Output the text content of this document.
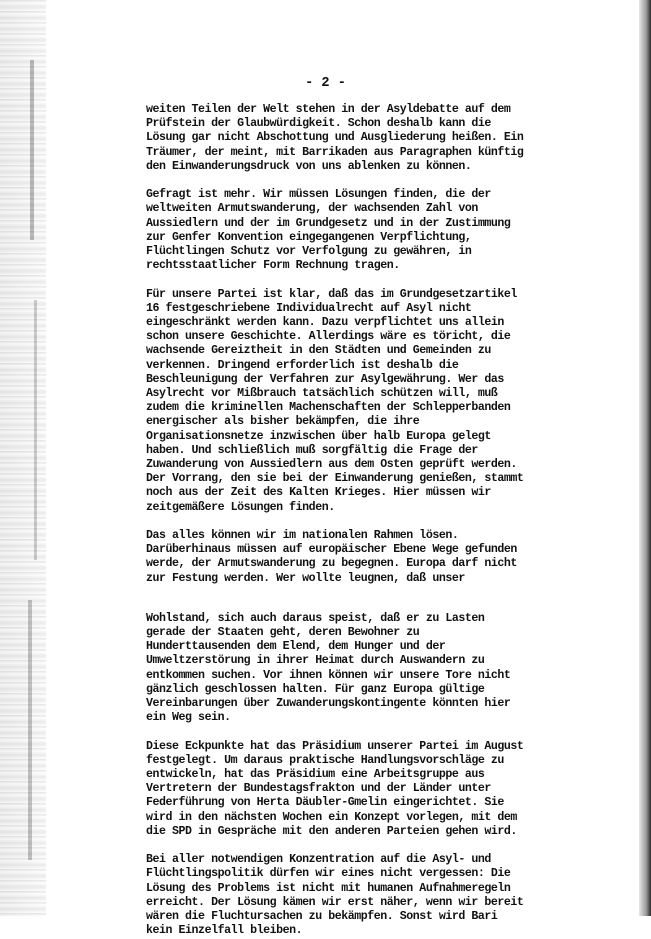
- 2 -
weiten Teilen der Welt stehen in der Asyldebatte auf dem
Prüfstein der Glaubwürdigkeit. Schon deshalb kann die
Lösung gar nicht Abschottung und Ausgliederung heißen. Ein
Träumer, der meint, mit Barrikaden aus Paragraphen künftig
den Einwanderungsdruck von uns ablenken zu können.
Gefragt ist mehr. Wir müssen Lösungen finden, die der
weltweiten Armutswanderung, der wachsenden Zahl von
Aussiedlern und der im Grundgesetz und in der Zustimmung
zur Genfer Konvention eingegangenen Verpflichtung,
Flüchtlingen Schutz vor Verfolgung zu gewähren, in
rechtsstaatlicher Form Rechnung tragen.
Für unsere Partei ist klar, daß das im Grundgesetzartikel
16 festgeschriebene Individualrecht auf Asyl nicht
eingeschränkt werden kann. Dazu verpflichtet uns allein
schon unsere Geschichte. Allerdings wäre es töricht, die
wachsende Gereiztheit in den Städten und Gemeinden zu
verkennen. Dringend erforderlich ist deshalb die
Beschleunigung der Verfahren zur Asylgewährung. Wer das
Asylrecht vor Mißbrauch tatsächlich schützen will, muß
zudem die kriminellen Machenschaften der Schlepperbanden
energischer als bisher bekämpfen, die ihre
Organisationsnetze inzwischen über halb Europa gelegt
haben. Und schließlich muß sorgfältig die Frage der
Zuwanderung von Aussiedlern aus dem Osten geprüft werden.
Der Vorrang, den sie bei der Einwanderung genießen, stammt
noch aus der Zeit des Kalten Krieges. Hier müssen wir
zeitgemäßere Lösungen finden.
Das alles können wir im nationalen Rahmen lösen.
Darüberhinaus müssen auf europäischer Ebene Wege gefunden
werde, der Armutswanderung zu begegnen. Europa darf nicht
zur Festung werden. Wer wollte leugnen, daß unser
Wohlstand, sich auch daraus speist, daß er zu Lasten
gerade der Staaten geht, deren Bewohner zu
Hunderttausenden dem Elend, dem Hunger und der
Umweltzerstörung in ihrer Heimat durch Auswandern zu
entkommen suchen. Vor ihnen können wir unsere Tore nicht
gänzlich geschlossen halten. Für ganz Europa gültige
Vereinbarungen über Zuwanderungskontingente könnten hier
ein Weg sein.
Diese Eckpunkte hat das Präsidium unserer Partei im August
festgelegt. Um daraus praktische Handlungsvorschläge zu
entwickeln, hat das Präsidium eine Arbeitsgruppe aus
Vertretern der Bundestagsfrakton und der Länder unter
Federführung von Herta Däubler-Gmelin eingerichtet. Sie
wird in den nächsten Wochen ein Konzept vorlegen, mit dem
die SPD in Gespräche mit den anderen Parteien gehen wird.
Bei aller notwendigen Konzentration auf die Asyl- und
Flüchtlingspolitik dürfen wir eines nicht vergessen: Die
Lösung des Problems ist nicht mit humanen Aufnahmeregeln
erreicht. Der Lösung kämen wir erst näher, wenn wir bereit
wären die Fluchtursachen zu bekämpfen. Sonst wird Bari
kein Einzelfall bleiben.
